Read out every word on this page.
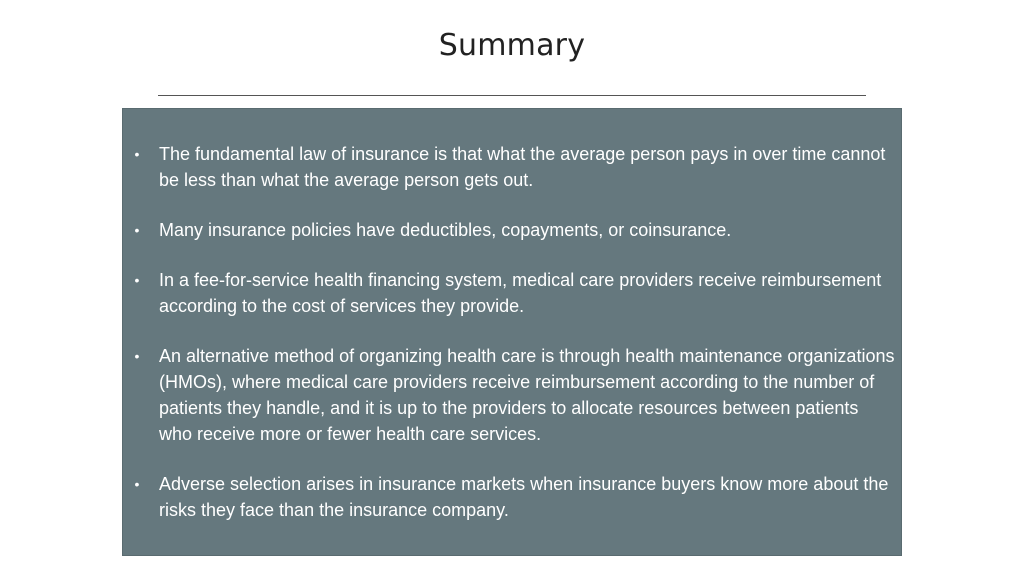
Summary
• The fundamental law of insurance is that what the average person pays in over time cannot be less than what the average person gets out.
• Many insurance policies have deductibles, copayments, or coinsurance.
• In a fee-for-service health financing system, medical care providers receive reimbursement according to the cost of services they provide.
• An alternative method of organizing health care is through health maintenance organizations (HMOs), where medical care providers receive reimbursement according to the number of patients they handle, and it is up to the providers to allocate resources between patients who receive more or fewer health care services.
• Adverse selection arises in insurance markets when insurance buyers know more about the risks they face than the insurance company.
